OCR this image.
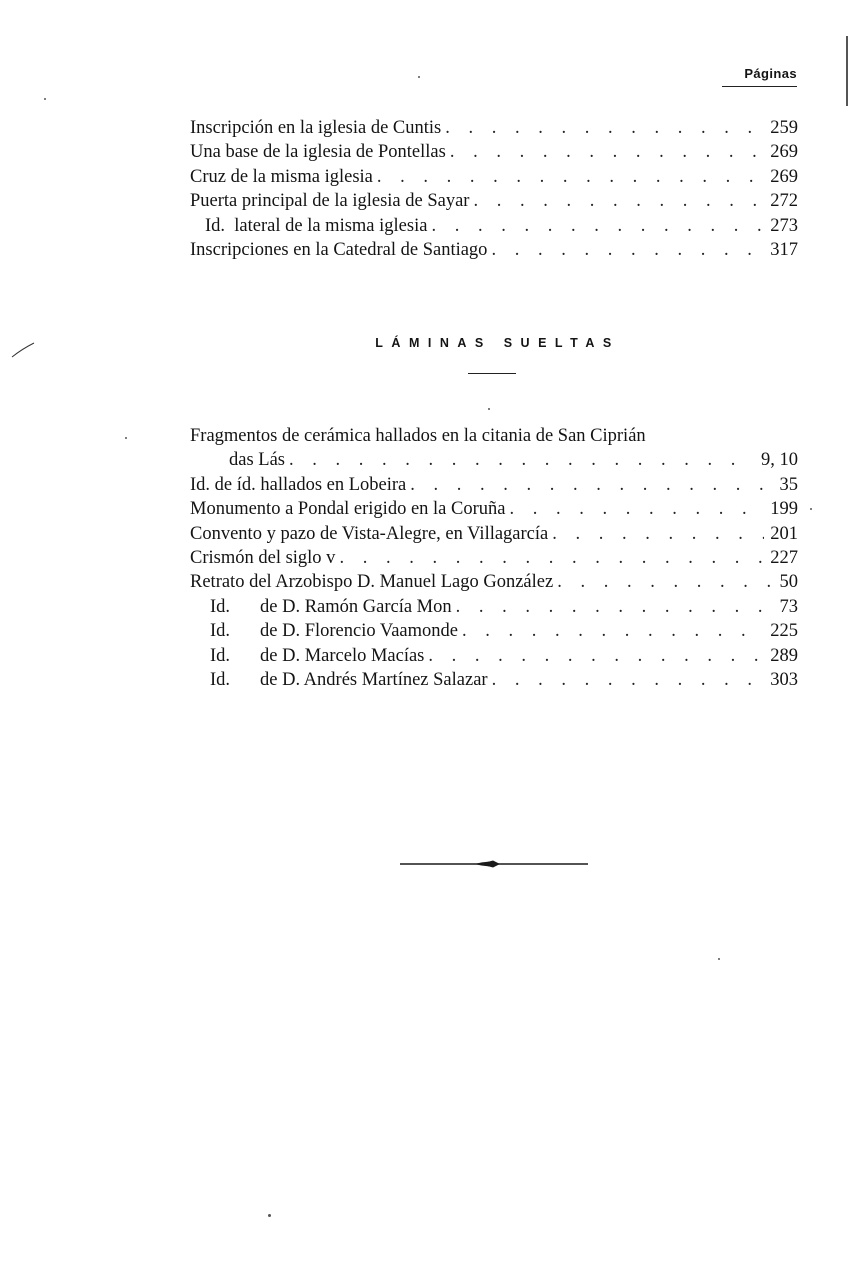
Páginas
Inscripción en la iglesia de Cuntis . . .	259
Una base de la iglesia de Pontellas . . .	269
Cruz de la misma iglesia . . .	269
Puerta principal de la iglesia de Sayar . . .	272
Id.  lateral de la misma iglesia . . .	273
Inscripciones en la Catedral de Santiago . . .	317
LÁMINAS SUELTAS
Fragmentos de cerámica hallados en la citania de San Ciprián
das Lás . . .	9, 10
Id. de íd. hallados en Lobeira . . .	35
Monumento a Pondal erigido en la Coruña . . .	199
Convento y pazo de Vista-Alegre, en Villagarcía . . .	201
Crismón del siglo v . . .	227
Retrato del Arzobispo D. Manuel Lago González . . .	50
Id.	de D. Ramón García Mon . . .	73
Id.	de D. Florencio Vaamonde . . .	225
Id.	de D. Marcelo Macías . . .	289
Id.	de D. Andrés Martínez Salazar . . .	303
